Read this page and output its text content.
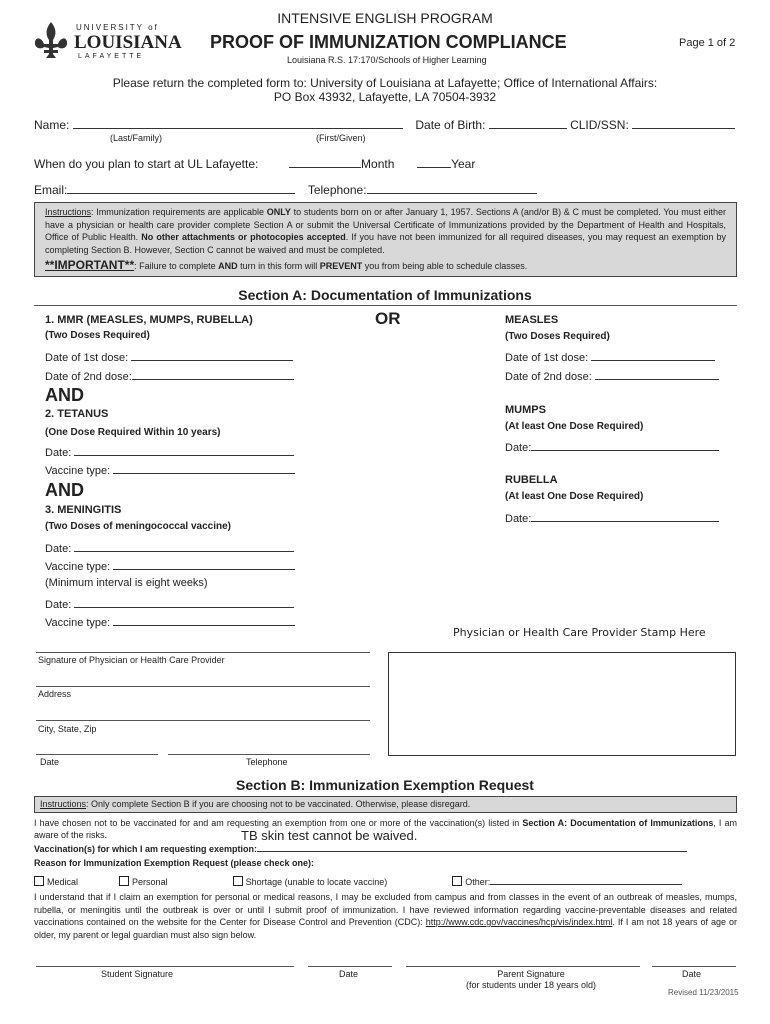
UNIVERSITY of
LOUISIANA
LAFAYETTE
INTENSIVE ENGLISH PROGRAM
PROOF OF IMMUNIZATION COMPLIANCE	Page 1 of 2
Louisiana R.S. 17:170/Schools of Higher Learning
Please return the completed form to: University of Louisiana at Lafayette; Office of International Affairs:
PO Box 43932, Lafayette, LA 70504-3932
Name:	Date of Birth:	CLID/SSN:
(Last/Family)	(First/Given)
When do you plan to start at UL Lafayette:	Month	Year
Email:	Telephone:
Instructions: Immunization requirements are applicable ONLY to students born on or after January 1, 1957. Sections A (and/or B) & C must be completed. You must either have a physician or health care provider complete Section A or submit the Universal Certificate of Immunizations provided by the Department of Health and Hospitals, Office of Public Health. No other attachments or photocopies accepted. If you have not been immunized for all required diseases, you may request an exemption by completing Section B. However, Section C cannot be waived and must be completed.
**IMPORTANT**: Failure to complete AND turn in this form will PREVENT you from being able to schedule classes.
Section A: Documentation of Immunizations
1. MMR (MEASLES, MUMPS, RUBELLA)	OR
(Two Doses Required)
Date of 1st dose:
Date of 2nd dose:
AND
2. TETANUS
(One Dose Required Within 10 years)
Date:
Vaccine type:
AND
3. MENINGITIS
(Two Doses of meningococcal vaccine)
Date:
Vaccine type:
(Minimum interval is eight weeks)
Date:
Vaccine type:
MEASLES
(Two Doses Required)
Date of 1st dose:
Date of 2nd dose:
MUMPS
(At least One Dose Required)
Date:
RUBELLA
(At least One Dose Required)
Date:
Physician or Health Care Provider Stamp Here
Signature of Physician or Health Care Provider
Address
City, State, Zip
Date	Telephone
Section B: Immunization Exemption Request
Instructions: Only complete Section B if you are choosing not to be vaccinated. Otherwise, please disregard.
I have chosen not to be vaccinated for and am requesting an exemption from one or more of the vaccination(s) listed in Section A: Documentation of Immunizations, I am aware of the risks.	TB skin test cannot be waived.
Vaccination(s) for which I am requesting exemption:
Reason for Immunization Exemption Request (please check one):
Medical	Personal	Shortage (unable to locate vaccine)	Other:
I understand that if I claim an exemption for personal or medical reasons, I may be excluded from campus and from classes in the event of an outbreak of measles, mumps, rubella, or meningitis until the outbreak is over or until I submit proof of immunization. I have reviewed information regarding vaccine-preventable diseases and related vaccinations contained on the website for the Center for Disease Control and Prevention (CDC): http://www.cdc.gov/vaccines/hcp/vis/index.html. If I am not 18 years of age or older, my parent or legal guardian must also sign below.
Student Signature	Date	Parent Signature
(for students under 18 years old)
Date
Revised 11/23/2015
